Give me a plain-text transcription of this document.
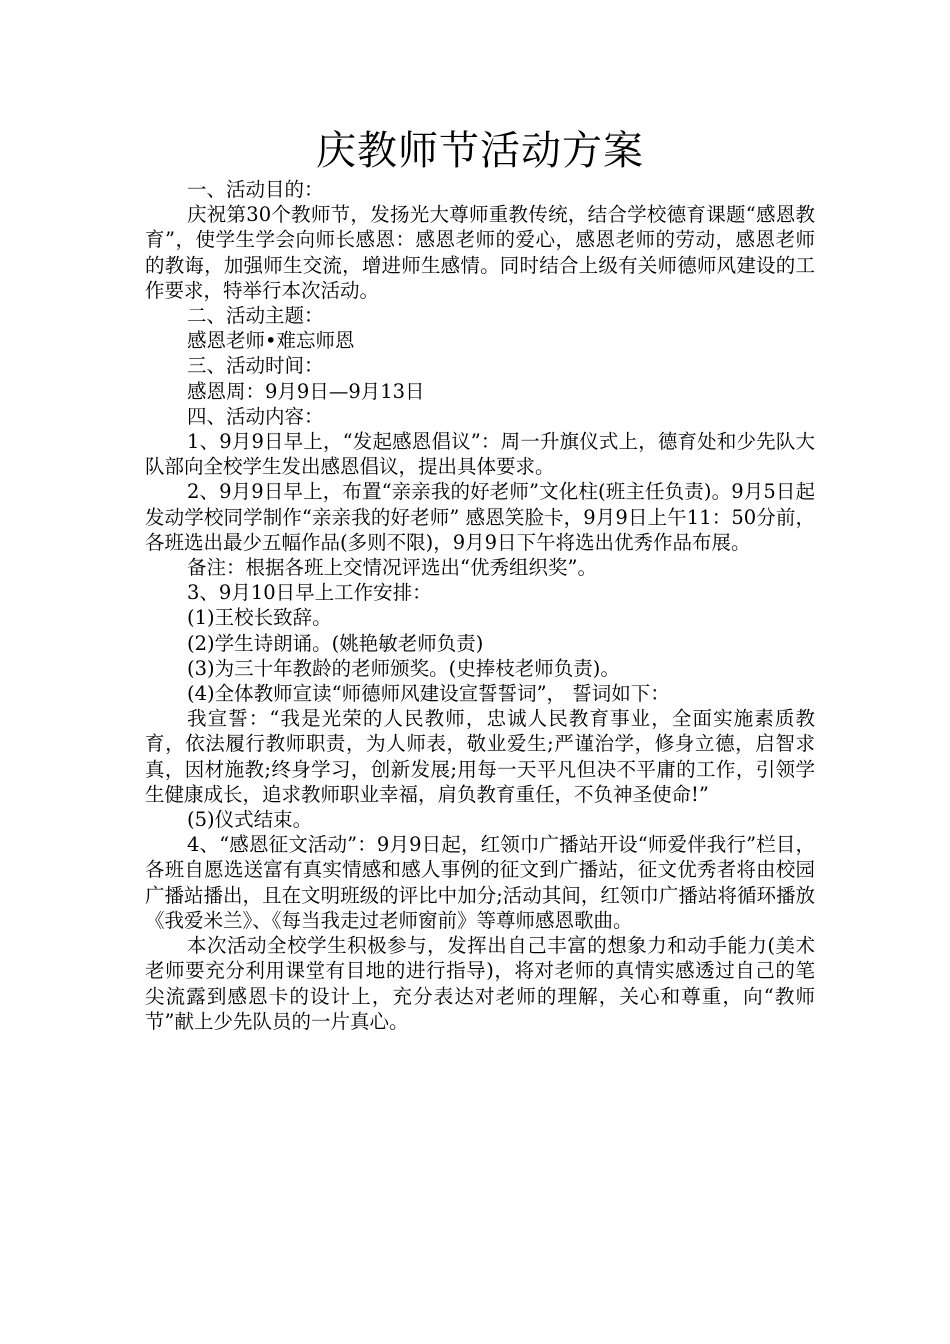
庆教师节活动方案

一、活动目的：

庆祝第30个教师节，发扬光大尊师重教传统，结合学校德育课题“感恩教育”，使学生学会向师长感恩：感恩老师的爱心，感恩老师的劳动，感恩老师的教诲，加强师生交流，增进师生感情。同时结合上级有关师德师风建设的工作要求，特举行本次活动。

二、活动主题：

感恩老师•难忘师恩

三、活动时间：

感恩周：9月9日—9月13日

四、活动内容：

1、9月9日早上，“发起感恩倡议”：周一升旗仪式上，德育处和少先队大队部向全校学生发出感恩倡议，提出具体要求。

2、9月9日早上，布置“亲亲我的好老师”文化柱(班主任负责)。9月5日起发动学校同学制作“亲亲我的好老师” 感恩笑脸卡，9月9日上午11：50分前，各班选出最少五幅作品(多则不限)，9月9日下午将选出优秀作品布展。

备注：根据各班上交情况评选出“优秀组织奖”。

3、9月10日早上工作安排：

(1)王校长致辞。

(2)学生诗朗诵。(姚艳敏老师负责)

(3)为三十年教龄的老师颁奖。(史捧枝老师负责)。

(4)全体教师宣读“师德师风建设宣誓誓词”， 誓词如下：

我宣誓：“我是光荣的人民教师，忠诚人民教育事业，全面实施素质教育，依法履行教师职责，为人师表，敬业爱生;严谨治学，修身立德，启智求真，因材施教;终身学习，创新发展;用每一天平凡但决不平庸的工作，引领学生健康成长，追求教师职业幸福，肩负教育重任，不负神圣使命!”

(5)仪式结束。

4、“感恩征文活动”：9月9日起，红领巾广播站开设“师爱伴我行”栏目，各班自愿选送富有真实情感和感人事例的征文到广播站，征文优秀者将由校园广播站播出，且在文明班级的评比中加分;活动其间，红领巾广播站将循环播放《我爱米兰》、《每当我走过老师窗前》等尊师感恩歌曲。

本次活动全校学生积极参与，发挥出自己丰富的想象力和动手能力(美术老师要充分利用课堂有目地的进行指导)，将对老师的真情实感透过自己的笔尖流露到感恩卡的设计上，充分表达对老师的理解，关心和尊重，向“教师节”献上少先队员的一片真心。
